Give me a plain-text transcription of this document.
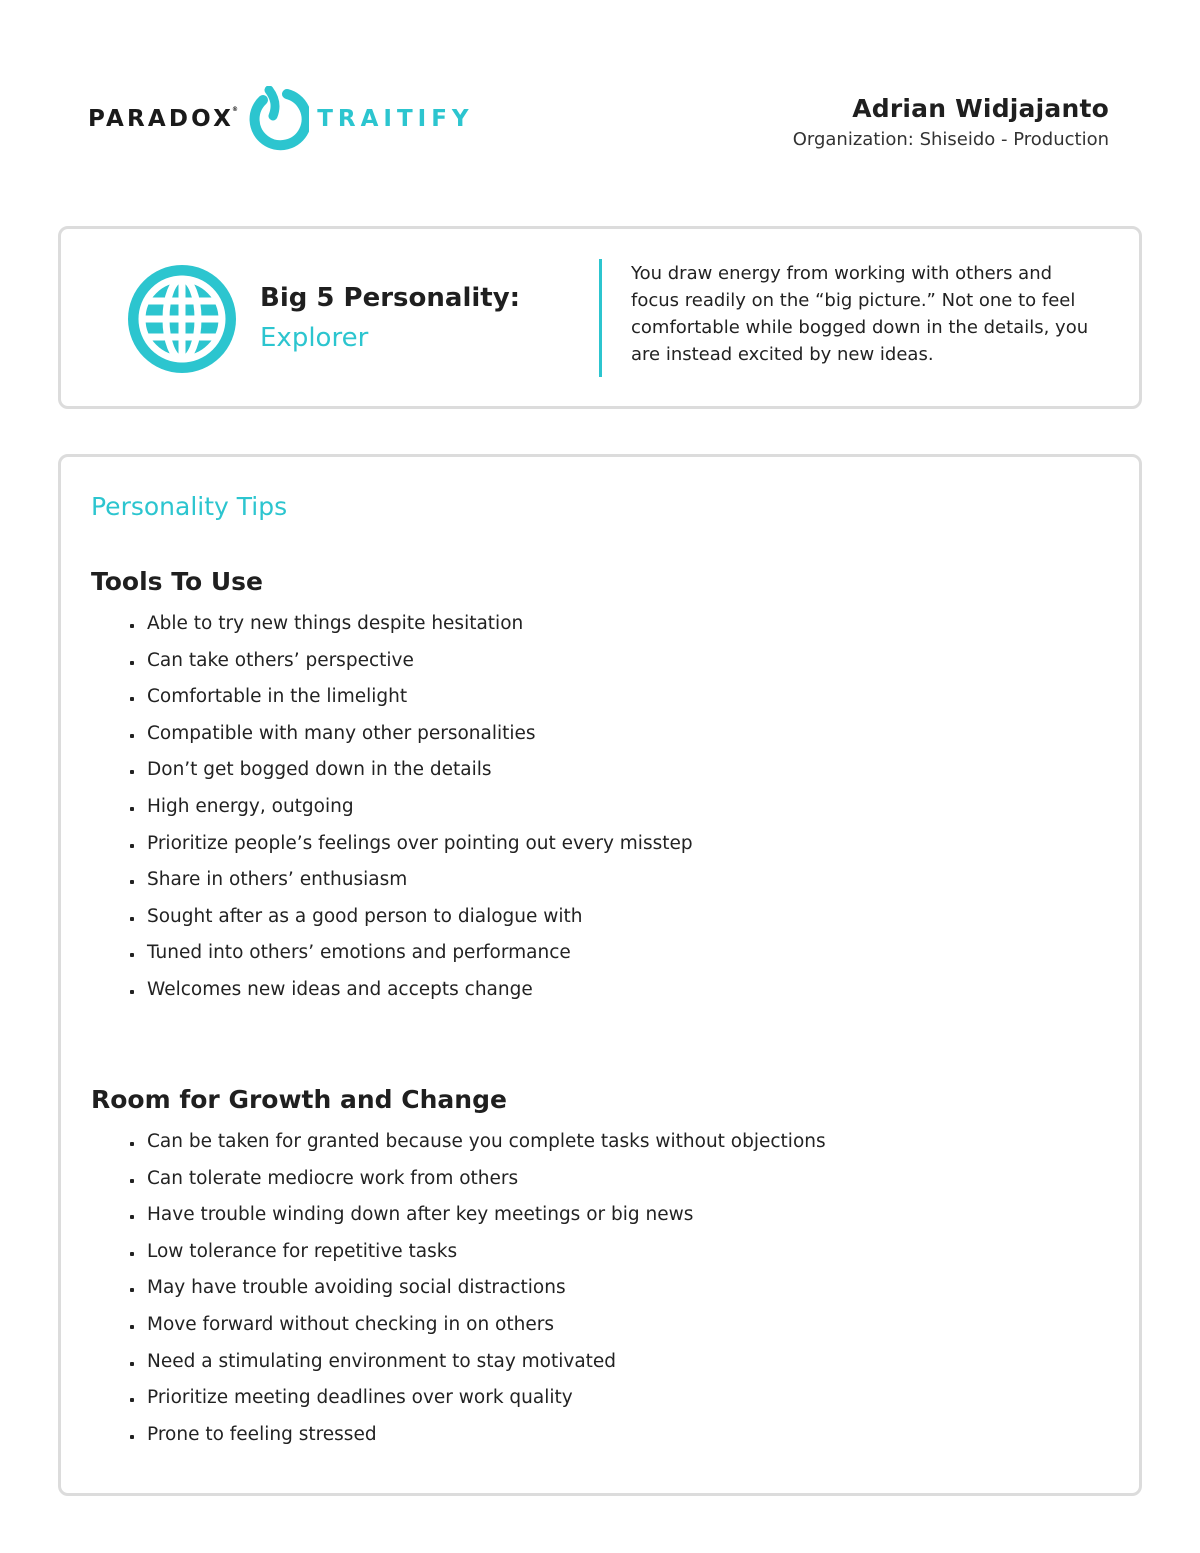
PARADOX®	TRAITIFY	Adrian Widjajanto
Organization: Shiseido - Production
Big 5 Personality:
Explorer

You draw energy from working with others and focus readily on the “big picture.” Not one to feel comfortable while bogged down in the details, you are instead excited by new ideas.

Personality Tips
Tools To Use
Able to try new things despite hesitation
Can take others’ perspective
Comfortable in the limelight
Compatible with many other personalities
Don’t get bogged down in the details
High energy, outgoing
Prioritize people’s feelings over pointing out every misstep
Share in others’ enthusiasm
Sought after as a good person to dialogue with
Tuned into others’ emotions and performance
Welcomes new ideas and accepts change
Room for Growth and Change
Can be taken for granted because you complete tasks without objections
Can tolerate mediocre work from others
Have trouble winding down after key meetings or big news
Low tolerance for repetitive tasks
May have trouble avoiding social distractions
Move forward without checking in on others
Need a stimulating environment to stay motivated
Prioritize meeting deadlines over work quality
Prone to feeling stressed
